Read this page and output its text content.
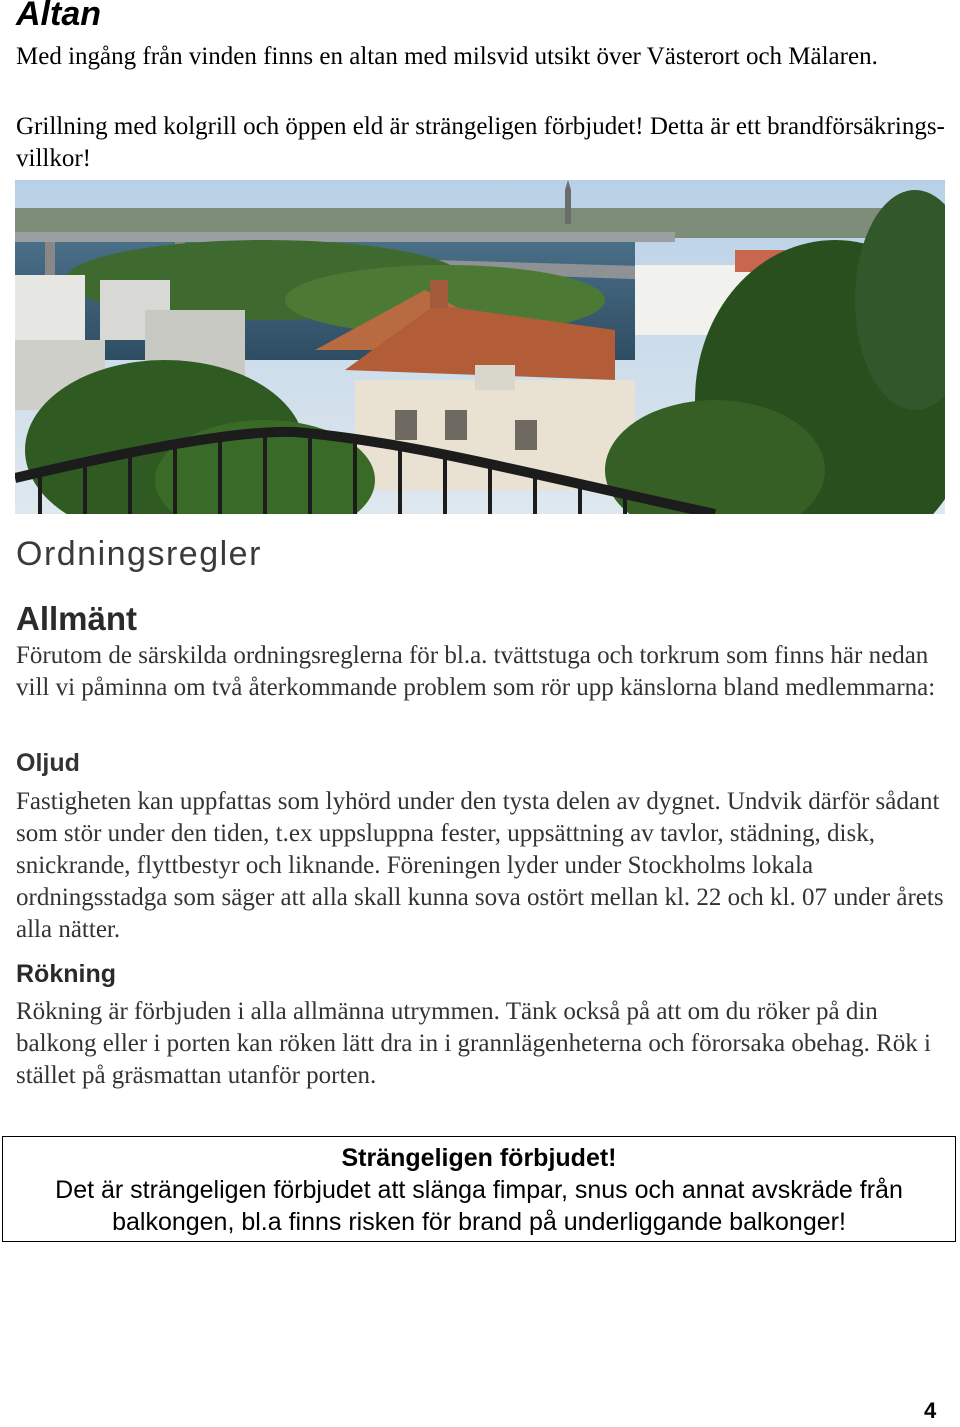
Altan

Med ingång från vinden finns en altan med milsvid utsikt över Västerort och Mälaren.

Grillning med kolgrill och öppen eld är strängeligen förbjudet! Detta är ett brandförsäkrings-villkor!

Ordningsregler
Allmänt

Förutom de särskilda ordningsreglerna för bl.a. tvättstuga och torkrum som finns här nedan vill vi påminna om två återkommande problem som rör upp känslorna bland medlemmarna:

Oljud

Fastigheten kan uppfattas som lyhörd under den tysta delen av dygnet. Undvik därför sådant som stör under den tiden, t.ex uppsluppna fester, uppsättning av tavlor, städning, disk, snickrande, flyttbestyr och liknande. Föreningen lyder under Stockholms lokala ordningsstadga som säger att alla skall kunna sova ostört mellan kl. 22 och kl. 07 under årets alla nätter.

Rökning

Rökning är förbjuden i alla allmänna utrymmen. Tänk också på att om du röker på din balkong eller i porten kan röken lätt dra in i grannlägenheterna och förorsaka obehag. Rök i stället på gräsmattan utanför porten.

Strängeligen förbjudet!
Det är strängeligen förbjudet att slänga fimpar, snus och annat avskräde från balkongen, bl.a finns risken för brand på underliggande balkonger!
4
